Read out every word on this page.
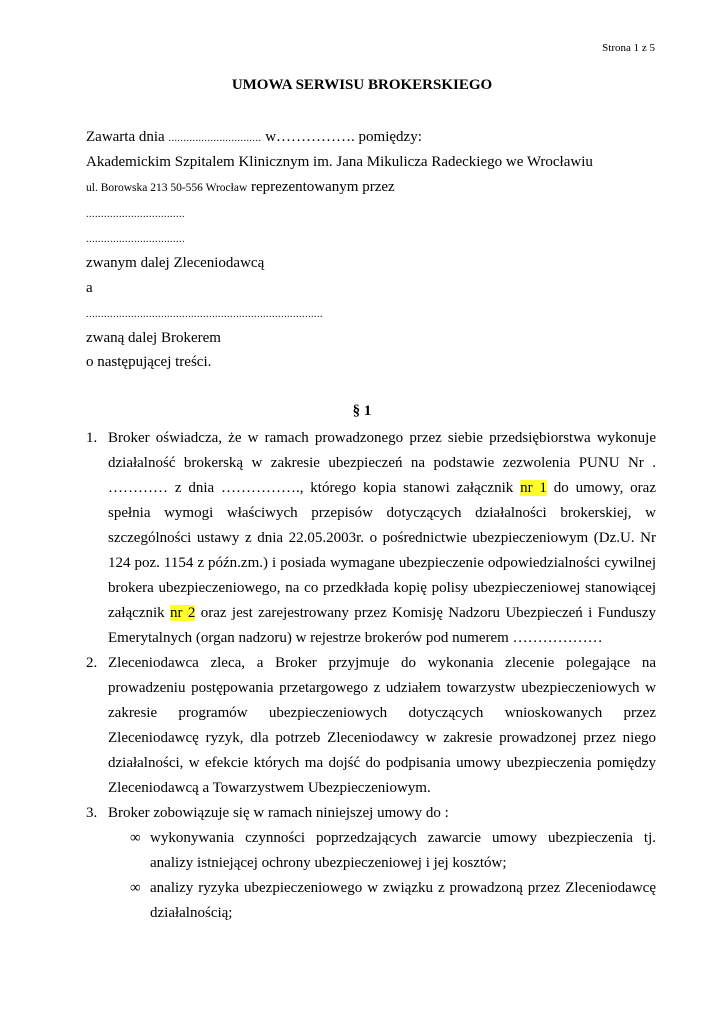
Strona 1 z 5
UMOWA SERWISU BROKERSKIEGO
Zawarta dnia ............................... w……………. pomiędzy:
Akademickim Szpitalem Klinicznym im. Jana Mikulicza Radeckiego we Wrocławiu
ul. Borowska 213 50-556 Wrocław reprezentowanym przez
.................................
.................................
zwanym dalej Zleceniodawcą
a
...............................................................................
zwaną dalej Brokerem
o następującej treści.
§ 1
1. Broker oświadcza, że w ramach prowadzonego przez siebie przedsiębiorstwa wykonuje działalność brokerską w zakresie ubezpieczeń na podstawie zezwolenia PUNU Nr . ………… z dnia ……………., którego kopia stanowi załącznik nr 1 do umowy, oraz spełnia wymogi właściwych przepisów dotyczących działalności brokerskiej, w szczególności ustawy z dnia 22.05.2003r. o pośrednictwie ubezpieczeniowym (Dz.U. Nr 124 poz. 1154 z późn.zm.) i posiada wymagane ubezpieczenie odpowiedzialności cywilnej brokera ubezpieczeniowego, na co przedkłada kopię polisy ubezpieczeniowej stanowiącej załącznik nr 2 oraz jest zarejestrowany przez Komisję Nadzoru Ubezpieczeń i Funduszy Emerytalnych (organ nadzoru) w rejestrze brokerów pod numerem ………………
2. Zleceniodawca zleca, a Broker przyjmuje do wykonania zlecenie polegające na prowadzeniu postępowania przetargowego z udziałem towarzystw ubezpieczeniowych w zakresie programów ubezpieczeniowych dotyczących wnioskowanych przez Zleceniodawcę ryzyk, dla potrzeb Zleceniodawcy w zakresie prowadzonej przez niego działalności, w efekcie których ma dojść do podpisania umowy ubezpieczenia pomiędzy Zleceniodawcą a Towarzystwem Ubezpieczeniowym.
3. Broker zobowiązuje się w ramach niniejszej umowy do :
∞ wykonywania czynności poprzedzających zawarcie umowy ubezpieczenia tj. analizy istniejącej ochrony ubezpieczeniowej i jej kosztów;
∞ analizy ryzyka ubezpieczeniowego w związku z prowadzoną przez Zleceniodawcę działalnością;
